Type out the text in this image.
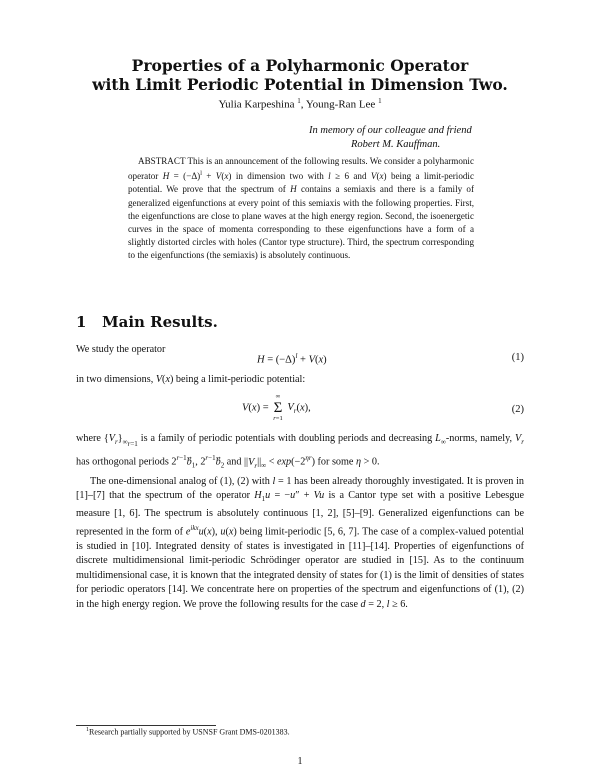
Properties of a Polyharmonic Operator
with Limit Periodic Potential in Dimension Two.
Yulia Karpeshina $^1$, Young-Ran Lee $^1$
In memory of our colleague and friend
Robert M. Kauffman.
ABSTRACT This is an announcement of the following results. We consider a polyharmonic operator $H = (-\Delta)^l + V(x)$ in dimension two with l ≥ 6 and V(x) being a limit-periodic potential. We prove that the spectrum of H contains a semiaxis and there is a family of generalized eigenfunctions at every point of this semiaxis with the following properties. First, the eigenfunctions are close to plane waves at the high energy region. Second, the isoenergetic curves in the space of momenta corresponding to these eigenfunctions have a form of a slightly distorted circles with holes (Cantor type structure). Third, the spectrum corresponding to the eigenfunctions (the semiaxis) is absolutely continuous.
1 Main Results.
We study the operator
$H = (-\Delta)^l + V(x)$	(1)
in two dimensions, V(x) being a limit-periodic potential:
V(x) =
∞
Σ
r=1
$V_r(x)$,	(2)
where $\{V_r\}_{\infty r=1}$ is a family of periodic potentials with doubling periods and decreasing $L_\infty$-norms, namely, $V_r$ has orthogonal periods $2^{r-1}b_1$, $2^{r-1}b_2$ and $||V_r||_\infty < \exp(-2^{\eta r})$ for some η > 0.
The one-dimensional analog of (1), (2) with l = 1 has been already thoroughly investigated. It is proven in [1]–[7] that the spectrum of the operator $H_1u = -u'' + Vu$ is a Cantor type set with a positive Lebesgue measure [1, 6]. The spectrum is absolutely continuous [1, 2], [5]–[9]. Generalized eigenfunctions can be represented in the form of $e^{ikx}u(x)$, u(x) being limit-periodic [5, 6, 7]. The case of a complex-valued potential is studied in [10]. Integrated density of states is investigated in [11]–[14]. Properties of eigenfunctions of discrete multidimensional limit-periodic Schrödinger operator are studied in [15]. As to the continuum multidimensional case, it is known that the integrated density of states for (1) is the limit of densities of states for periodic operators [14]. We concentrate here on properties of the spectrum and eigenfunctions of (1), (2) in the high energy region. We prove the following results for the case d = 2, l ≥ 6.
$^1$Research partially supported by USNSF Grant DMS-0201383.
1
